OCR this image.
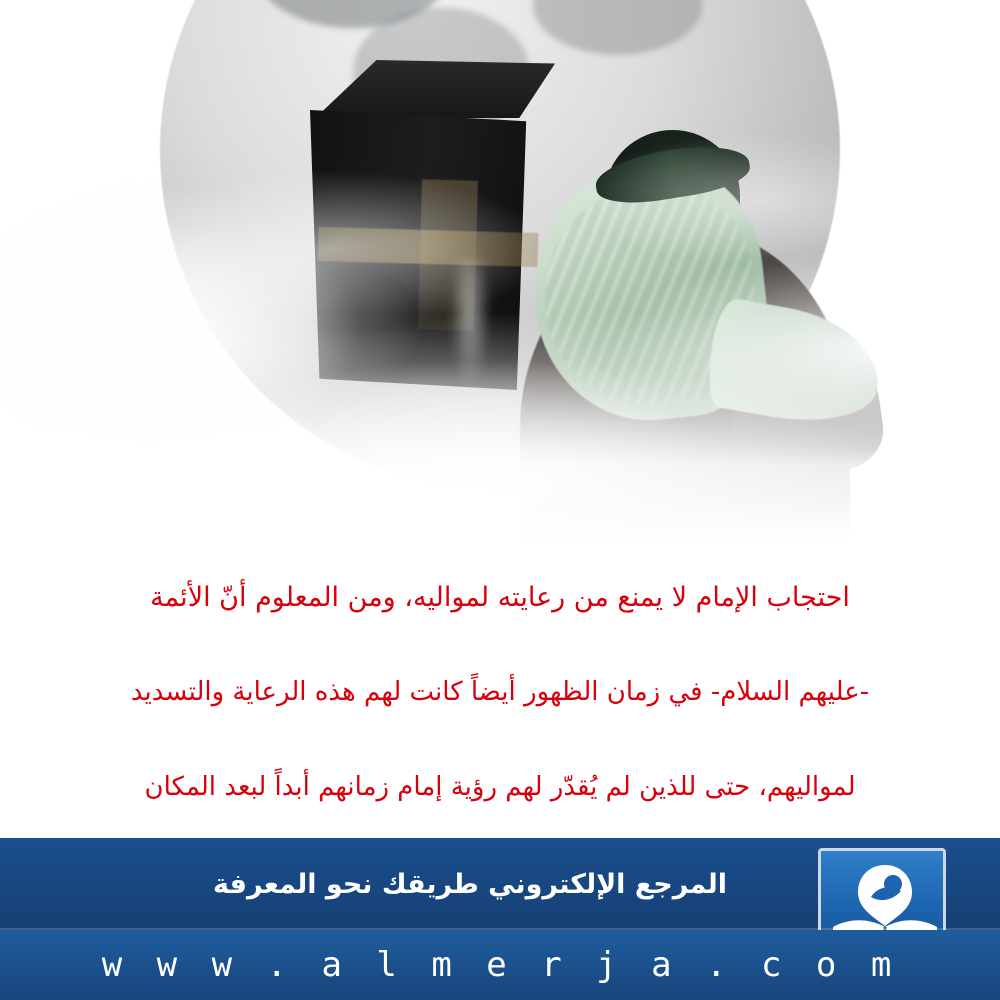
احتجاب الإمام لا يمنع من رعايته لمواليه، ومن المعلوم أنّ الأئمة

-عليهم السلام- في زمان الظهور أيضاً كانت لهم هذه الرعاية والتسديد

لمواليهم، حتى للذين لم يُقدّر لهم رؤية إمام زمانهم أبداً لبعد المكان

المرجع الإلكتروني طريقك نحو المعرفة
w w w . a l m e r j a . c o m
